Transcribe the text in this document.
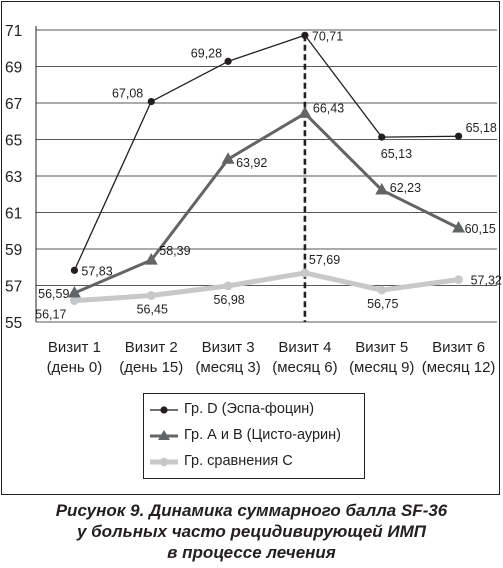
55
57
59
61
63
65
67
69
71
Визит 1
(день 0)
Визит 2
(день 15)
Визит 3
(месяц 3)
Визит 4
(месяц 6)
Визит 5
(месяц 9)
Визит 6
(месяц 12)
57,83
67,08
69,28
70,71
65,13
65,18
56,59
58,39
63,92
66,43
62,23
60,15
56,17	56,45
56,98
57,69
56,75
57,32
Гр. D (Эспа-фоцин)
Гр. А и В (Цисто-аурин)
Гр. сравнения С
Рисунок 9. Динамика суммарного балла SF-36
у больных часто рецидивирующей ИМП
в процессе лечения
